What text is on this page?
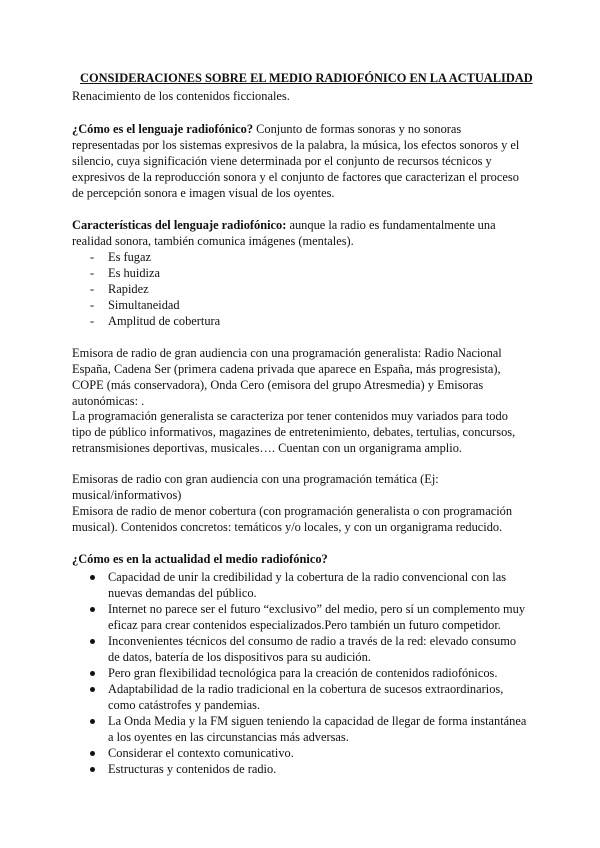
CONSIDERACIONES SOBRE EL MEDIO RADIOFÓNICO EN LA ACTUALIDAD
Renacimiento de los contenidos ficcionales.
¿Cómo es el lenguaje radiofónico? Conjunto de formas sonoras y no sonoras representadas por los sistemas expresivos de la palabra, la música, los efectos sonoros y el silencio, cuya significación viene determinada por el conjunto de recursos técnicos y expresivos de la reproducción sonora y el conjunto de factores que caracterizan el proceso de percepción sonora e imagen visual de los oyentes.
Características del lenguaje radiofónico: aunque la radio es fundamentalmente una realidad sonora, también comunica imágenes (mentales).
- Es fugaz
- Es huidiza
- Rapidez
- Simultaneidad
- Amplitud de cobertura
Emisora de radio de gran audiencia con una programación generalista: Radio Nacional España, Cadena Ser (primera cadena privada que aparece en España, más progresista), COPE (más conservadora), Onda Cero (emisora del grupo Atresmedia) y Emisoras autonómicas: .
La programación generalista se caracteriza por tener contenidos muy variados para todo tipo de público informativos, magazines de entretenimiento, debates, tertulias, concursos, retransmisiones deportivas, musicales…. Cuentan con un organigrama amplio.
Emisoras de radio con gran audiencia con una programación temática (Ej: musical/informativos)
Emisora de radio de menor cobertura (con programación generalista o con programación musical). Contenidos concretos: temáticos y/o locales, y con un organigrama reducido.
¿Cómo es en la actualidad el medio radiofónico?
Capacidad de unir la credibilidad y la cobertura de la radio convencional con las nuevas demandas del público.
Internet no parece ser el futuro “exclusivo” del medio, pero sí un complemento muy eficaz para crear contenidos especializados.Pero también un futuro competidor.
Inconvenientes técnicos del consumo de radio a través de la red: elevado consumo de datos, batería de los dispositivos para su audición.
Pero gran flexibilidad tecnológica para la creación de contenidos radiofónicos.
Adaptabilidad de la radio tradicional en la cobertura de sucesos extraordinarios, como catástrofes y pandemias.
La Onda Media y la FM siguen teniendo la capacidad de llegar de forma instantánea a los oyentes en las circunstancias más adversas.
Considerar el contexto comunicativo.
Estructuras y contenidos de radio.
